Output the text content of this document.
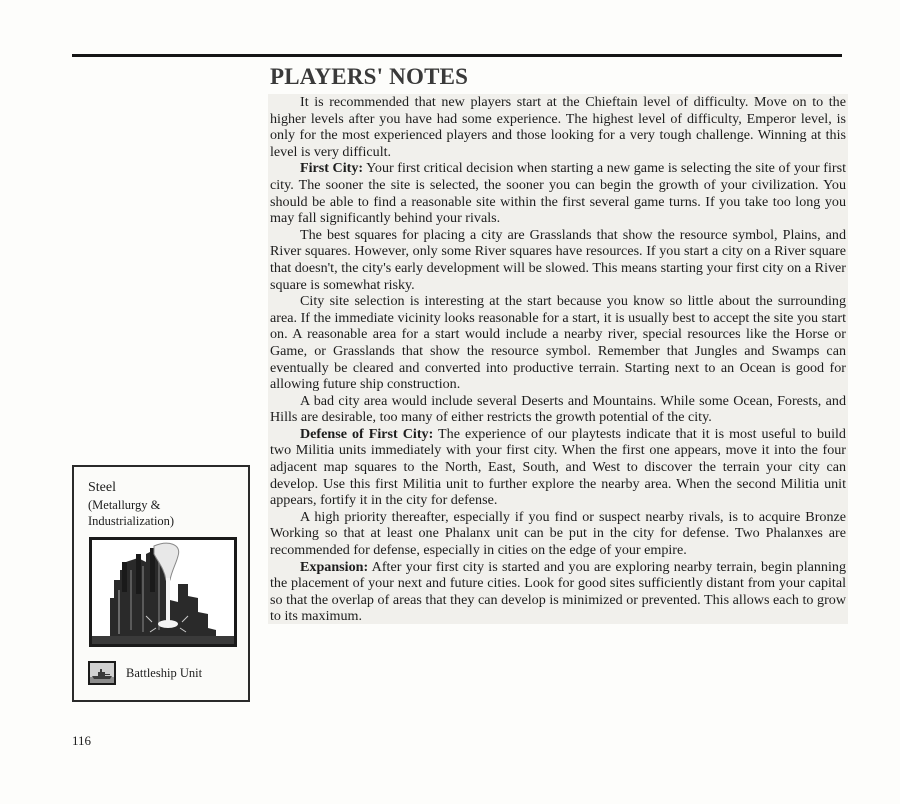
PLAYERS' NOTES

It is recommended that new players start at the Chieftain level of difficulty. Move on to the higher levels after you have had some experience. The highest level of difficulty, Emperor level, is only for the most experienced players and those looking for a very tough challenge. Winning at this level is very difficult.

First City: Your first critical decision when starting a new game is selecting the site of your first city. The sooner the site is selected, the sooner you can begin the growth of your civilization. You should be able to find a reasonable site within the first several game turns. If you take too long you may fall significantly behind your rivals.

The best squares for placing a city are Grasslands that show the resource symbol, Plains, and River squares. However, only some River squares have resources. If you start a city on a River square that doesn't, the city's early development will be slowed. This means starting your first city on a River square is somewhat risky.

City site selection is interesting at the start because you know so little about the surrounding area. If the immediate vicinity looks reasonable for a start, it is usually best to accept the site you start on. A reasonable area for a start would include a nearby river, special resources like the Horse or Game, or Grasslands that show the resource symbol. Remember that Jungles and Swamps can eventually be cleared and converted into productive terrain. Starting next to an Ocean is good for allowing future ship construction.

A bad city area would include several Deserts and Mountains. While some Ocean, Forests, and Hills are desirable, too many of either restricts the growth potential of the city.

Defense of First City: The experience of our playtests indicate that it is most useful to build two Militia units immediately with your first city. When the first one appears, move it into the four adjacent map squares to the North, East, South, and West to discover the terrain your city can develop. Use this first Militia unit to further explore the nearby area. When the second Militia unit appears, fortify it in the city for defense.

A high priority thereafter, especially if you find or suspect nearby rivals, is to acquire Bronze Working so that at least one Phalanx unit can be put in the city for defense. Two Phalanxes are recommended for defense, especially in cities on the edge of your empire.

Expansion: After your first city is started and you are exploring nearby terrain, begin planning the placement of your next and future cities. Look for good sites sufficiently distant from your capital so that the overlap of areas that they can develop is minimized or prevented. This allows each to grow to its maximum.

Steel
(Metallurgy & Industrialization)
Battleship Unit
116
